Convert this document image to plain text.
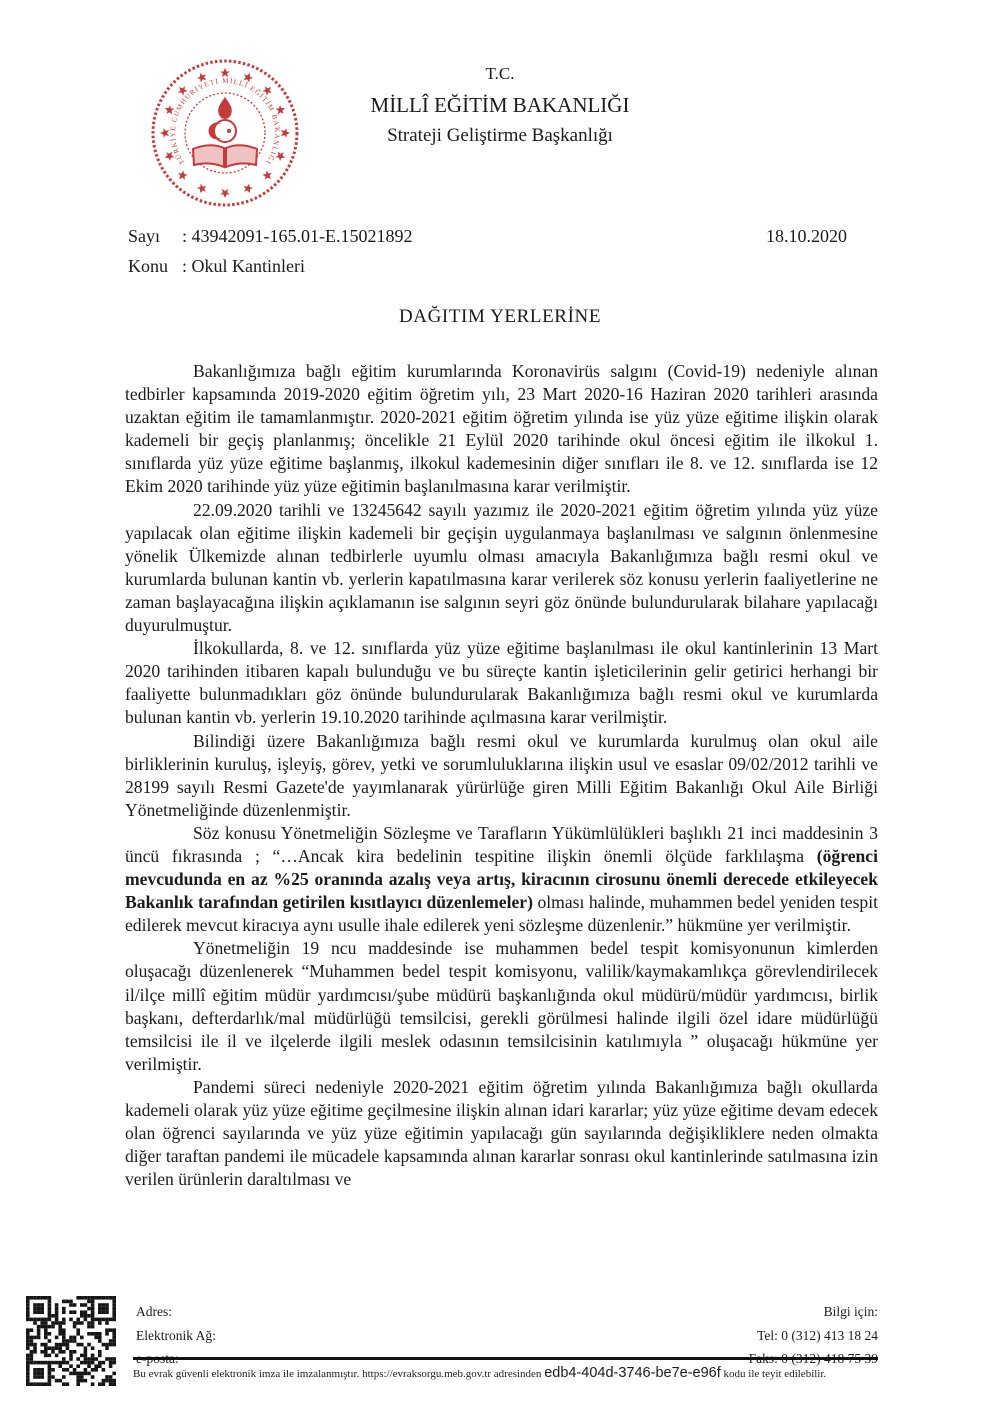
TÜRKİYE CUMHURİYETİ MİLLÎ EĞİTİM BAKANLIĞI
T.C.
MİLLÎ EĞİTİM BAKANLIĞI
Strateji Geliştirme Başkanlığı
Sayı : 43942091-165.01-E.15021892	18.10.2020
Konu : Okul Kantinleri
DAĞITIM YERLERİNE

Bakanlığımıza bağlı eğitim kurumlarında Koronavirüs salgını (Covid-19) nedeniyle alınan tedbirler kapsamında 2019-2020 eğitim öğretim yılı, 23 Mart 2020-16 Haziran 2020 tarihleri arasında uzaktan eğitim ile tamamlanmıştır. 2020-2021 eğitim öğretim yılında ise yüz yüze eğitime ilişkin olarak kademeli bir geçiş planlanmış; öncelikle 21 Eylül 2020 tarihinde okul öncesi eğitim ile ilkokul 1. sınıflarda yüz yüze eğitime başlanmış, ilkokul kademesinin diğer sınıfları ile 8. ve 12. sınıflarda ise 12 Ekim 2020 tarihinde yüz yüze eğitimin başlanılmasına karar verilmiştir.

22.09.2020 tarihli ve 13245642 sayılı yazımız ile 2020-2021 eğitim öğretim yılında yüz yüze yapılacak olan eğitime ilişkin kademeli bir geçişin uygulanmaya başlanılması ve salgının önlenmesine yönelik Ülkemizde alınan tedbirlerle uyumlu olması amacıyla Bakanlığımıza bağlı resmi okul ve kurumlarda bulunan kantin vb. yerlerin kapatılmasına karar verilerek söz konusu yerlerin faaliyetlerine ne zaman başlayacağına ilişkin açıklamanın ise salgının seyri göz önünde bulundurularak bilahare yapılacağı duyurulmuştur.

İlkokullarda, 8. ve 12. sınıflarda yüz yüze eğitime başlanılması ile okul kantinlerinin 13 Mart 2020 tarihinden itibaren kapalı bulunduğu ve bu süreçte kantin işleticilerinin gelir getirici herhangi bir faaliyette bulunmadıkları göz önünde bulundurularak Bakanlığımıza bağlı resmi okul ve kurumlarda bulunan kantin vb. yerlerin 19.10.2020 tarihinde açılmasına karar verilmiştir.

Bilindiği üzere Bakanlığımıza bağlı resmi okul ve kurumlarda kurulmuş olan okul aile birliklerinin kuruluş, işleyiş, görev, yetki ve sorumluluklarına ilişkin usul ve esaslar 09/02/2012 tarihli ve 28199 sayılı Resmi Gazete'de yayımlanarak yürürlüğe giren Milli Eğitim Bakanlığı Okul Aile Birliği Yönetmeliğinde düzenlenmiştir.

Söz konusu Yönetmeliğin Sözleşme ve Tarafların Yükümlülükleri başlıklı 21 inci maddesinin 3 üncü fıkrasında ; “…Ancak kira bedelinin tespitine ilişkin önemli ölçüde farklılaşma (öğrenci mevcudunda en az %25 oranında azalış veya artış, kiracının cirosunu önemli derecede etkileyecek Bakanlık tarafından getirilen kısıtlayıcı düzenlemeler) olması halinde, muhammen bedel yeniden tespit edilerek mevcut kiracıya aynı usulle ihale edilerek yeni sözleşme düzenlenir.” hükmüne yer verilmiştir.

Yönetmeliğin 19 ncu maddesinde ise muhammen bedel tespit komisyonunun kimlerden oluşacağı düzenlenerek “Muhammen bedel tespit komisyonu, valilik/kaymakamlıkça görevlendirilecek il/ilçe millî eğitim müdür yardımcısı/şube müdürü başkanlığında okul müdürü/müdür yardımcısı, birlik başkanı, defterdarlık/mal müdürlüğü temsilcisi, gerekli görülmesi halinde ilgili özel idare müdürlüğü temsilcisi ile il ve ilçelerde ilgili meslek odasının temsilcisinin katılımıyla ” oluşacağı hükmüne yer verilmiştir.

Pandemi süreci nedeniyle 2020-2021 eğitim öğretim yılında Bakanlığımıza bağlı okullarda kademeli olarak yüz yüze eğitime geçilmesine ilişkin alınan idari kararlar; yüz yüze eğitime devam edecek olan öğrenci sayılarında ve yüz yüze eğitimin yapılacağı gün sayılarında değişikliklere neden olmakta diğer taraftan pandemi ile mücadele kapsamında alınan kararlar sonrası okul kantinlerinde satılmasına izin verilen ürünlerin daraltılması ve

Adres:
Elektronik Ağ:
Bilgi için:
Tel: 0 (312) 413 18 24
Bu evrak güvenli elektronik imza ile imzalanmıştır. https://evraksorgu.meb.gov.tr adresinden edb4-404d-3746-be7e-e96f kodu ile teyit edilebilir.
